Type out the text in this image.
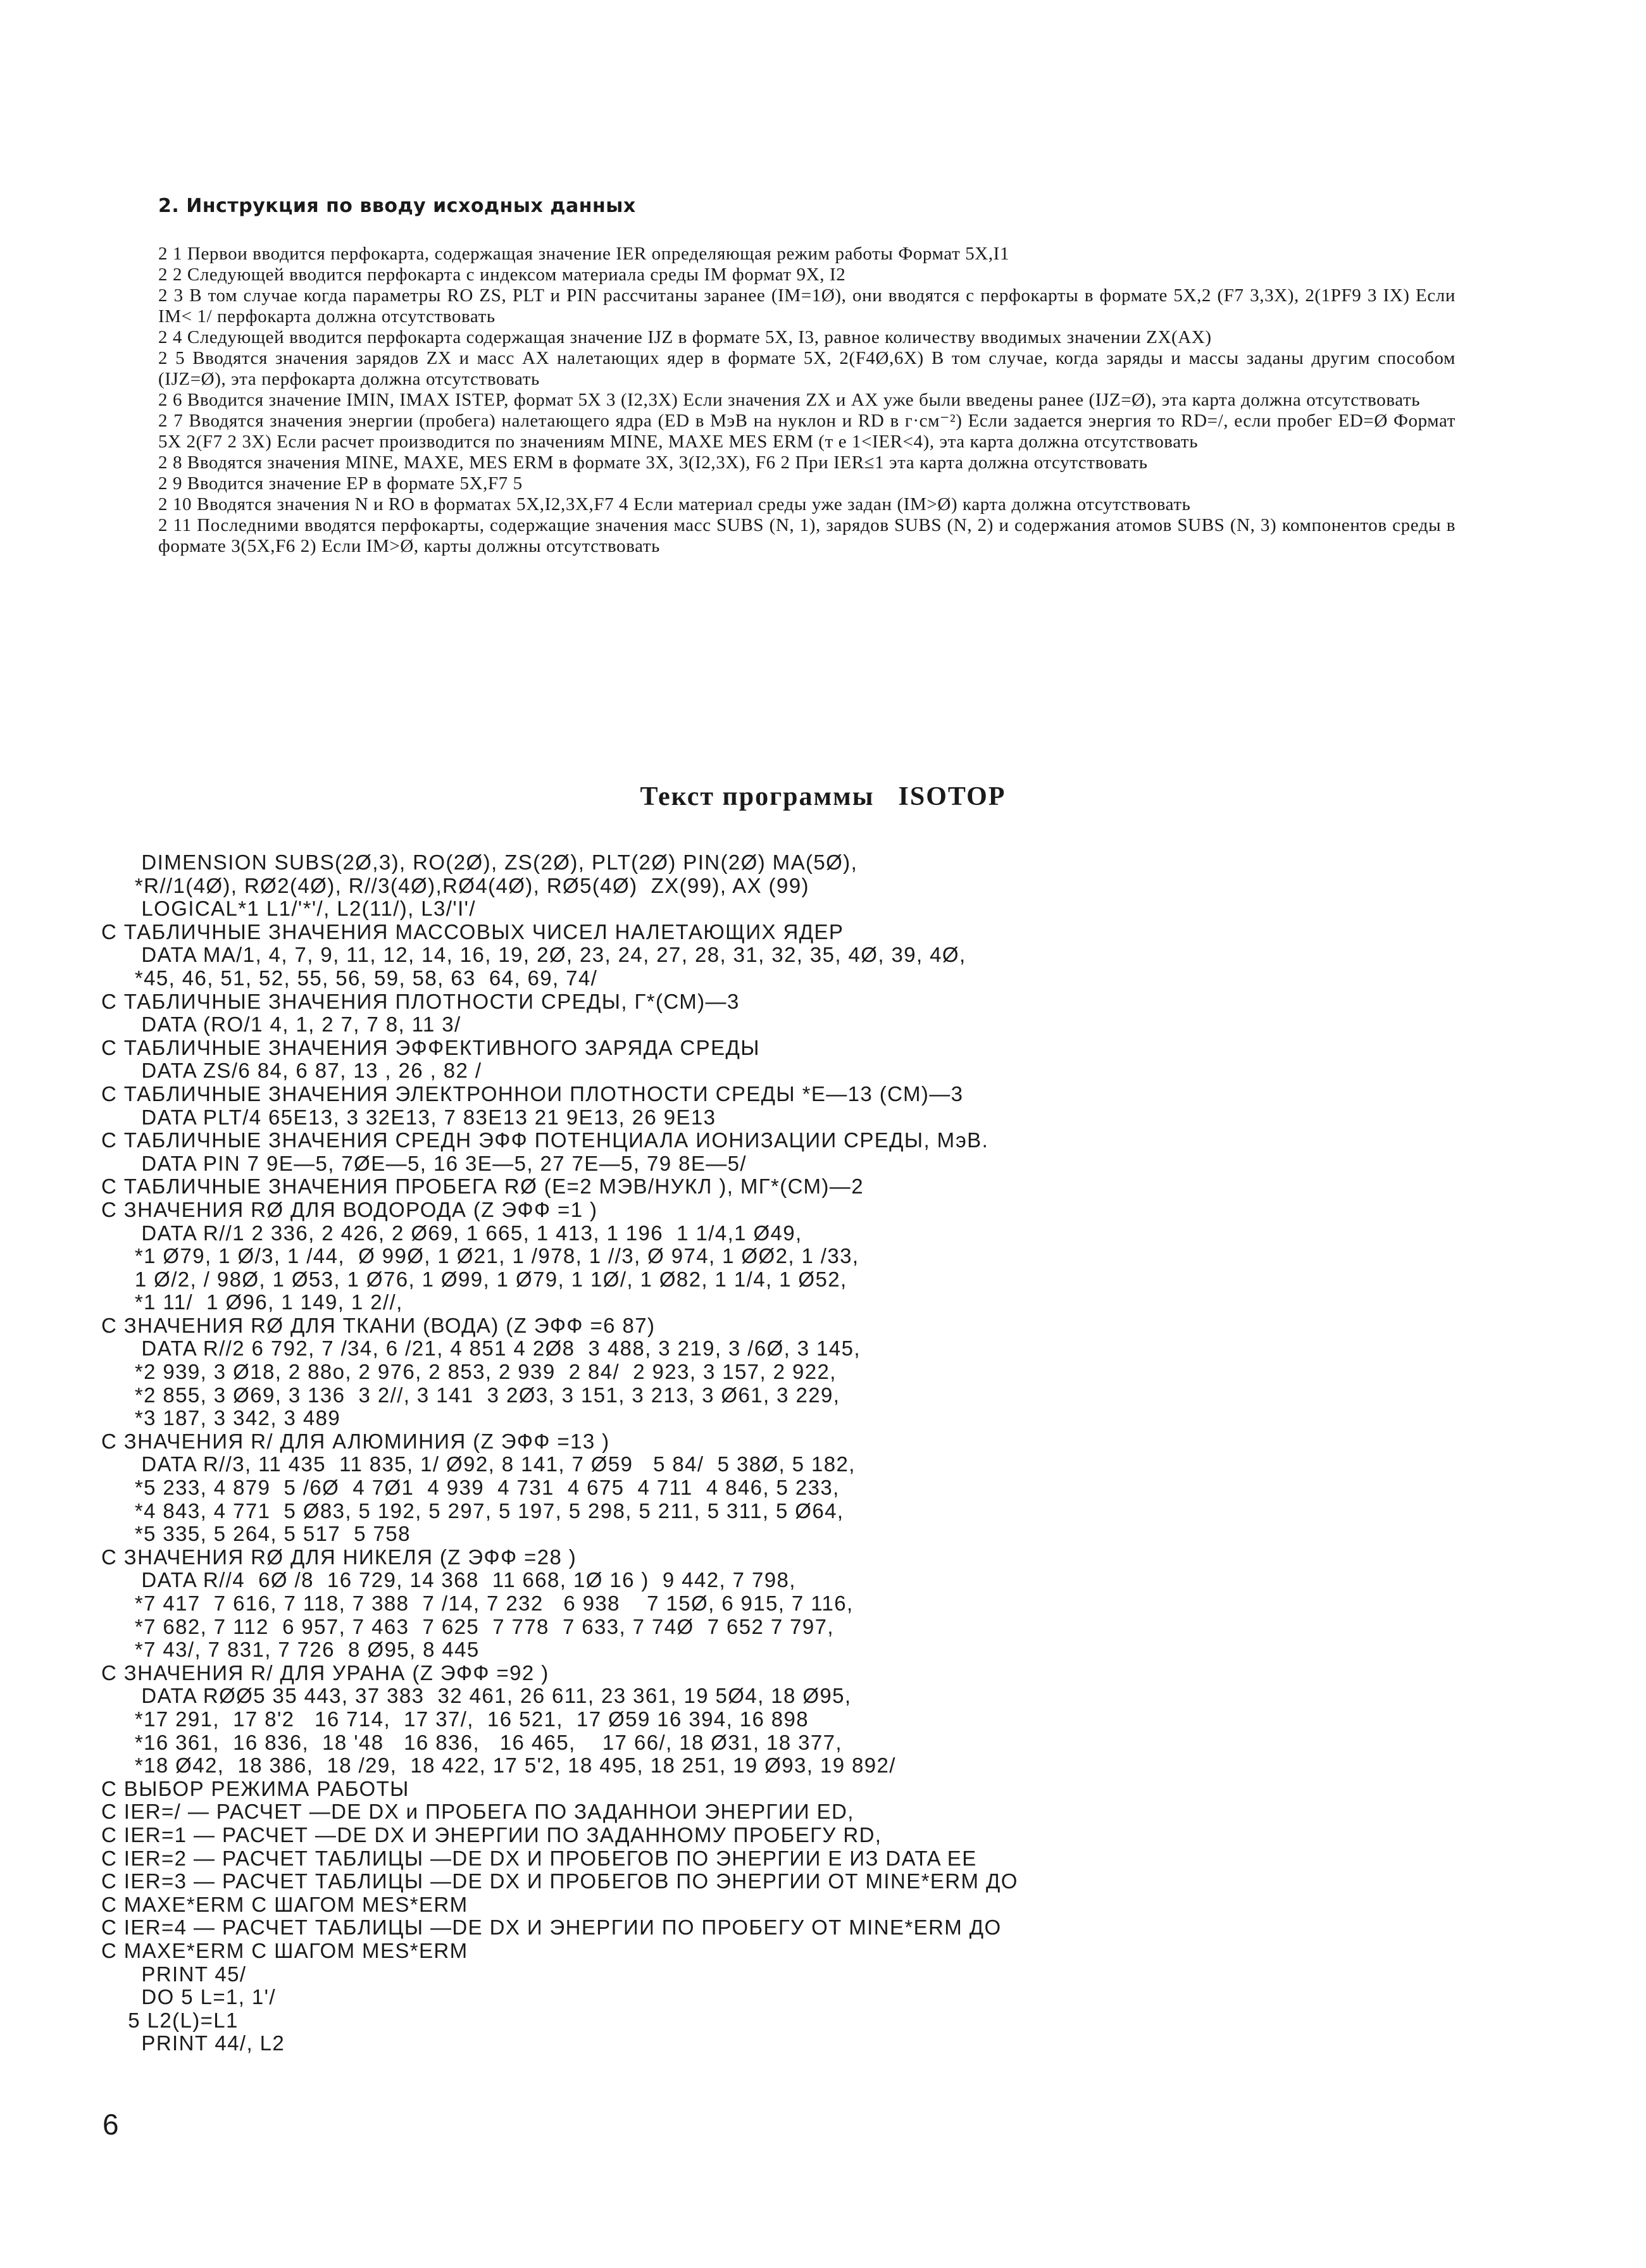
2. Инструкция по вводу исходных данных

2 1 Первои вводится перфокарта, содержащая значение IER определяющая режим работы Формат 5X,I1

2 2 Следующей вводится перфокарта с индексом материала среды IM формат 9X, I2

2 3 В том случае когда параметры RO ZS, PLT и PIN рассчитаны заранее (IM=1Ø), они вводятся с перфокарты в формате 5X,2 (F7 3,3X), 2(1PF9 3 IX) Если IM< 1/ перфокарта должна отсутствовать

2 4 Следующей вводится перфокарта содержащая значение IJZ в формате 5X, I3, равное количеству вводимых значении ZX(AX)

2 5 Вводятся значения зарядов ZX и масс AX налетающих ядер в формате 5X, 2(F4Ø,6X) В том случае, когда заряды и массы заданы другим способом (IJZ=Ø), эта перфокарта должна отсутствовать

2 6 Вводится значение IMIN, IMAX ISTEP, формат 5X 3 (I2,3X) Если значения ZX и AX уже были введены ранее (IJZ=Ø), эта карта должна отсутствовать

2 7 Вводятся значения энергии (пробега) налетающего ядра (ED в МэВ на нуклон и RD в г·см⁻²) Если задается энергия то RD=/, если пробег ED=Ø Формат 5X 2(F7 2 3X) Если расчет производится по значениям MINE, MAXE MES ERM (т е 1<IER<4), эта карта должна отсутствовать

2 8 Вводятся значения MINE, MAXE, MES ERM в формате 3X, 3(I2,3X), F6 2 При IER≤1 эта карта должна отсутствовать

2 9 Вводится значение EP в формате 5X,F7 5

2 10 Вводятся значения N и RO в форматах 5X,I2,3X,F7 4 Если материал среды уже задан (IM>Ø) карта должна отсутствовать

2 11 Последними вводятся перфокарты, содержащие значения масс SUBS (N, 1), зарядов SUBS (N, 2) и содержания атомов SUBS (N, 3) компонентов среды в формате 3(5X,F6 2) Если IM>Ø, карты должны отсутствовать

Текст программы ISOTOP
DIMENSION SUBS(2Ø,3), RO(2Ø), ZS(2Ø), PLT(2Ø) PIN(2Ø) MA(5Ø),
*R//1(4Ø), RØ2(4Ø), R//3(4Ø),RØ4(4Ø), RØ5(4Ø)  ZX(99), AX (99)
LOGICAL*1 L1/'*'/, L2(11/), L3/'I'/
C ТАБЛИЧНЫЕ ЗНАЧЕНИЯ МАССОВЫХ ЧИСЕЛ НАЛЕТАЮЩИХ ЯДЕР
DATA MA/1, 4, 7, 9, 11, 12, 14, 16, 19, 2Ø, 23, 24, 27, 28, 31, 32, 35, 4Ø, 39, 4Ø,
*45, 46, 51, 52, 55, 56, 59, 58, 63  64, 69, 74/
C ТАБЛИЧНЫЕ ЗНАЧЕНИЯ ПЛОТНОСТИ СРЕДЫ, Г*(СМ)—3
DATA (RO/1 4, 1, 2 7, 7 8, 11 3/
C ТАБЛИЧНЫЕ ЗНАЧЕНИЯ ЭФФЕКТИВНОГО ЗАРЯДА СРЕДЫ
DATA ZS/6 84, 6 87, 13 , 26 , 82 /
C ТАБЛИЧНЫЕ ЗНАЧЕНИЯ ЭЛЕКТРОННОИ ПЛОТНОСТИ СРЕДЫ *Е—13 (СМ)—3
DATA PLT/4 65E13, 3 32E13, 7 83E13 21 9E13, 26 9E13
C ТАБЛИЧНЫЕ ЗНАЧЕНИЯ СРЕДН ЭФФ ПОТЕНЦИАЛА ИОНИЗАЦИИ СРЕДЫ, МэВ.
DATA PIN 7 9E—5, 7ØE—5, 16 3E—5, 27 7E—5, 79 8E—5/
C ТАБЛИЧНЫЕ ЗНАЧЕНИЯ ПРОБЕГА RØ (E=2 МЭВ/НУКЛ ), МГ*(СМ)—2
C ЗНАЧЕНИЯ RØ ДЛЯ ВОДОРОДА (Z ЭФФ =1 )
DATA R//1 2 336, 2 426, 2 Ø69, 1 665, 1 413, 1 196  1 1/4,1 Ø49,
*1 Ø79, 1 Ø/3, 1 /44,  Ø 99Ø, 1 Ø21, 1 /978, 1 //3, Ø 974, 1 ØØ2, 1 /33,
1 Ø/2, / 98Ø, 1 Ø53, 1 Ø76, 1 Ø99, 1 Ø79, 1 1Ø/, 1 Ø82, 1 1/4, 1 Ø52,
*1 11/  1 Ø96, 1 149, 1 2//,
C ЗНАЧЕНИЯ RØ ДЛЯ ТКАНИ (ВОДА) (Z ЭФФ =6 87)
DATA R//2 6 792, 7 /34, 6 /21, 4 851 4 2Ø8  3 488, 3 219, 3 /6Ø, 3 145,
*2 939, 3 Ø18, 2 88o, 2 976, 2 853, 2 939  2 84/  2 923, 3 157, 2 922,
*2 855, 3 Ø69, 3 136  3 2//, 3 141  3 2Ø3, 3 151, 3 213, 3 Ø61, 3 229,
*3 187, 3 342, 3 489
C ЗНАЧЕНИЯ R/ ДЛЯ АЛЮМИНИЯ (Z ЭФФ =13 )
DATA R//3, 11 435  11 835, 1/ Ø92, 8 141, 7 Ø59   5 84/  5 38Ø, 5 182,
*5 233, 4 879  5 /6Ø  4 7Ø1  4 939  4 731  4 675  4 711  4 846, 5 233,
*4 843, 4 771  5 Ø83, 5 192, 5 297, 5 197, 5 298, 5 211, 5 311, 5 Ø64,
*5 335, 5 264, 5 517  5 758
C ЗНАЧЕНИЯ RØ ДЛЯ НИКЕЛЯ (Z ЭФФ =28 )
DATA R//4  6Ø /8  16 729, 14 368  11 668, 1Ø 16 )  9 442, 7 798,
*7 417  7 616, 7 118, 7 388  7 /14, 7 232   6 938    7 15Ø, 6 915, 7 116,
*7 682, 7 112  6 957, 7 463  7 625  7 778  7 633, 7 74Ø  7 652 7 797,
*7 43/, 7 831, 7 726  8 Ø95, 8 445
C ЗНАЧЕНИЯ R/ ДЛЯ УРАНА (Z ЭФФ =92 )
DATA RØØ5 35 443, 37 383  32 461, 26 611, 23 361, 19 5Ø4, 18 Ø95,
*17 291,  17 8'2   16 714,  17 37/,  16 521,  17 Ø59 16 394, 16 898
*16 361,  16 836,  18 '48   16 836,   16 465,    17 66/, 18 Ø31, 18 377,
*18 Ø42,  18 386,  18 /29,  18 422, 17 5'2, 18 495, 18 251, 19 Ø93, 19 892/
C ВЫБОР РЕЖИМА РАБОТЫ
C IER=/ — РАСЧЕТ —DE DX и ПРОБЕГА ПО ЗАДАННОИ ЭНЕРГИИ ED,
C IER=1 — РАСЧЕТ —DE DX И ЭНЕРГИИ ПО ЗАДАННОМУ ПРОБЕГУ RD,
C IER=2 — РАСЧЕТ ТАБЛИЦЫ —DE DX И ПРОБЕГОВ ПО ЭНЕРГИИ Е ИЗ DATA EE
C IER=3 — РАСЧЕТ ТАБЛИЦЫ —DE DX И ПРОБЕГОВ ПО ЭНЕРГИИ ОТ MINE*ERM ДО
C MAXE*ERM С ШАГОМ MES*ERM
C IER=4 — РАСЧЕТ ТАБЛИЦЫ —DE DX И ЭНЕРГИИ ПО ПРОБЕГУ ОТ MINE*ERM ДО
C MAXE*ERM С ШАГОМ MES*ERM
PRINT 45/
DO 5 L=1, 1'/
5 L2(L)=L1
PRINT 44/, L2
6
